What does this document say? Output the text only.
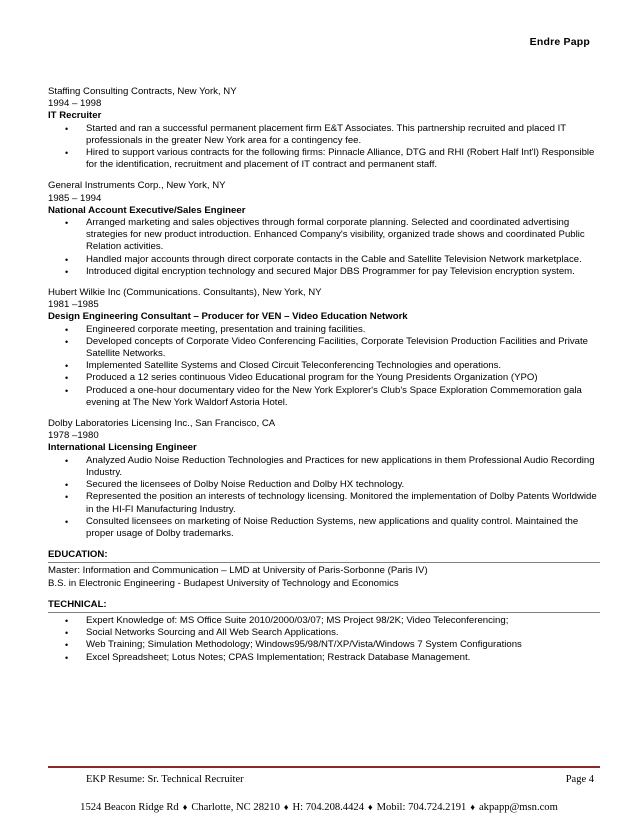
Endre Papp
Staffing Consulting Contracts, New York, NY
1994 – 1998
IT Recruiter
• Started and ran a successful permanent placement firm E&T Associates. This partnership recruited and placed IT professionals in the greater New York area for a contingency fee.
• Hired to support various contracts for the following firms: Pinnacle Alliance, DTG and RHI (Robert Half Int'l) Responsible for the identification, recruitment and placement of IT contract and permanent staff.
General Instruments Corp., New York, NY
1985 – 1994
National Account Executive/Sales Engineer
• Arranged marketing and sales objectives through formal corporate planning. Selected and coordinated advertising strategies for new product introduction. Enhanced Company's visibility, organized trade shows and coordinated Public Relation activities.
• Handled major accounts through direct corporate contacts in the Cable and Satellite Television Network marketplace.
• Introduced digital encryption technology and secured Major DBS Programmer for pay Television encryption system.
Hubert Wilkie Inc (Communications. Consultants), New York, NY
1981 –1985
Design Engineering Consultant – Producer for VEN – Video Education Network
• Engineered corporate meeting, presentation and training facilities.
• Developed concepts of Corporate Video Conferencing Facilities, Corporate Television Production Facilities and Private Satellite Networks.
• Implemented Satellite Systems and Closed Circuit Teleconferencing Technologies and operations.
• Produced a 12 series continuous Video Educational program for the Young Presidents Organization (YPO)
• Produced a one-hour documentary video for the New York Explorer's Club's Space Exploration Commemoration gala evening at The New York Waldorf Astoria Hotel.
Dolby Laboratories Licensing Inc., San Francisco, CA
1978 –1980
International Licensing Engineer
• Analyzed Audio Noise Reduction Technologies and Practices for new applications in them Professional Audio Recording Industry.
• Secured the licensees of Dolby Noise Reduction and Dolby HX technology.
• Represented the position an interests of technology licensing. Monitored the implementation of Dolby Patents Worldwide in the HI-FI Manufacturing Industry.
• Consulted licensees on marketing of Noise Reduction Systems, new applications and quality control. Maintained the proper usage of Dolby trademarks.
EDUCATION:
Master: Information and Communication – LMD at University of Paris-Sorbonne (Paris IV)
B.S. in Electronic Engineering - Budapest University of Technology and Economics
TECHNICAL:
• Expert Knowledge of: MS Office Suite 2010/2000/03/07; MS Project 98/2K; Video Teleconferencing;
• Social Networks Sourcing and All Web Search Applications.
• Web Training; Simulation Methodology; Windows95/98/NT/XP/Vista/Windows 7 System Configurations
• Excel Spreadsheet; Lotus Notes; CPAS Implementation; Restrack Database Management.
EKP Resume: Sr. Technical Recruiter	Page 4
1524 Beacon Ridge Rd ♦ Charlotte, NC 28210 ♦ H: 704.208.4424 ♦ Mobil: 704.724.2191 ♦ akpapp@msn.com
